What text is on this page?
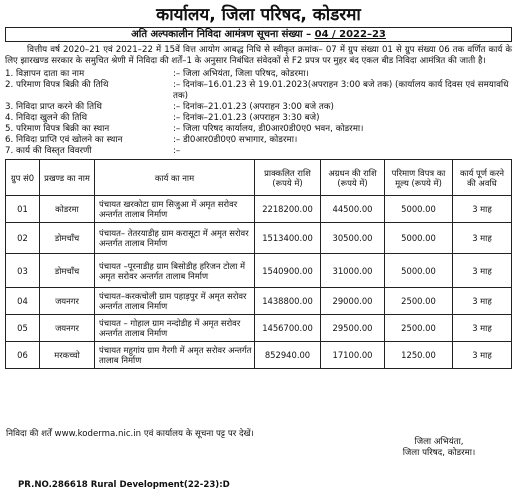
कार्यालय, जिला परिषद, कोडरमा
अति अल्पकालीन निविदा आमंत्रण सूचना संख्या – 04 / 2022–23
वित्तीय वर्ष 2020–21 एवं 2021–22 में 15वें वित्त आयोग आबद्ध निधि से स्वीकृत क्रमांक– 07 में ग्रुप संख्या 01 से ग्रुप संख्या 06 तक वर्णित कार्य के लिए झारखण्ड सरकार के समुचित श्रेणी में निविदा की शर्तें–1 के अनुसार निबंधित संवेदकों से F2 प्रपत्र पर मुहर बंद एकल बीड निविदा आमंत्रित की जाती है।
1. विज्ञापन दाता का नाम	:– जिला अभियंता, जिला परिषद, कोडरमा।
2. परिमाण विपत्र बिक्री की तिथि	:– दिनांक–16.01.23 से 19.01.2023(अपराहन 3:00 बजे तक) (कार्यालय कार्य दिवस एवं समयावधि तक)
3. निविदा प्राप्त करने की तिथि	:– दिनांक–21.01.23 (अपराहन 3:00 बजे तक)
4. निविदा खुलने की तिथि	:– दिनांक–21.01.23 (अपराहन 3:30 बजे)
5. परिमाण विपत्र बिक्री का स्थान	:– जिला परिषद कार्यालय, डी0आर0डी0ए0 भवन, कोडरमा।
6. निविदा प्राप्ति एवं खोलने का स्थान	:– डी0आर0डी0ए0 सभागार, कोडरमा।
7. कार्य की विस्तृत विवरणी	:–
ग्रुप सं0	प्रखण्ड का नाम	कार्य का नाम	प्राक्कलित राशि (रूपये में)	अग्रधन की राशि (रूपये में)	परिमाण विपत्र का मूल्य (रूपये में)	कार्य पूर्ण करने की अवधि
01	कोडरमा	पंचायत खरकोटा ग्राम सिजुआ में अमृत सरोवर अन्तर्गत तालाब निर्माण	2218200.00	44500.00	5000.00	3 माह
02	डोमचाँच	पंचायत– तेतरयाडीह ग्राम करासूटा में अमृत सरोवर अन्तर्गत तालाब निर्माण	1513400.00	30500.00	5000.00	3 माह
03	डोमचाँच	पंचायत –पूरनाडीह ग्राम बिसोडीह हरिजन टोला में अमृत सरोवर अन्तर्गत तालाब निर्माण	1540900.00	31000.00	5000.00	3 माह
04	जयनगर	पंचायत–करकचोली ग्राम पहाड़पुर में अमृत सरोवर अन्तर्गत तालाब निर्माण	1438800.00	29000.00	2500.00	3 माह
05	जयनगर	पंचायत – गोहाल ग्राम नन्दोडीह में अमृत सरोवर अन्तर्गत तालाब निर्माण	1456700.00	29500.00	2500.00	3 माह
06	मरकच्चो	पंचायत महुगांय ग्राम गैरगी में अमृत सरोवर अन्तर्गत तालाब निर्माण	852940.00	17100.00	1250.00	3 माह
निविदा की शर्तें www.koderma.nic.in एवं कार्यालय के सूचना पट्ट पर देखें।
जिला अभियंता,
जिला परिषद, कोडरमा।
PR.NO.286618 Rural Development(22-23):D
